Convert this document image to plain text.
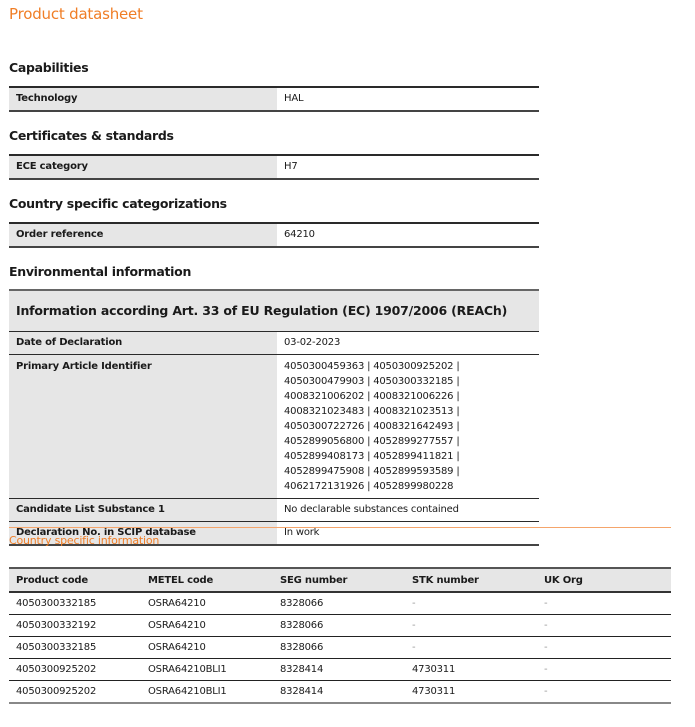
Product datasheet
Capabilities
Technology	HAL
Certificates & standards
ECE category	H7
Country specific categorizations
Order reference	64210
Environmental information
Information according Art. 33 of EU Regulation (EC) 1907/2006 (REACh)	
Date of Declaration	03-02-2023
Primary Article Identifier	4050300459363 | 4050300925202 | 4050300479903 | 4050300332185 | 4008321006202 | 4008321006226 | 4008321023483 | 4008321023513 | 4050300722726 | 4008321642493 | 4052899056800 | 4052899277557 | 4052899408173 | 4052899411821 | 4052899475908 | 4052899593589 | 4062172131926 | 4052899980228
Candidate List Substance 1	No declarable substances contained
Declaration No. in SCIP database	In work
Country specific information
Product code	METEL code	SEG number	STK number	UK Org
4050300332185	OSRA64210	8328066	-	-
4050300332192	OSRA64210	8328066	-	-
4050300332185	OSRA64210	8328066	-	-
4050300925202	OSRA64210BLI1	8328414	4730311	-
4050300925202	OSRA64210BLI1	8328414	4730311	-
